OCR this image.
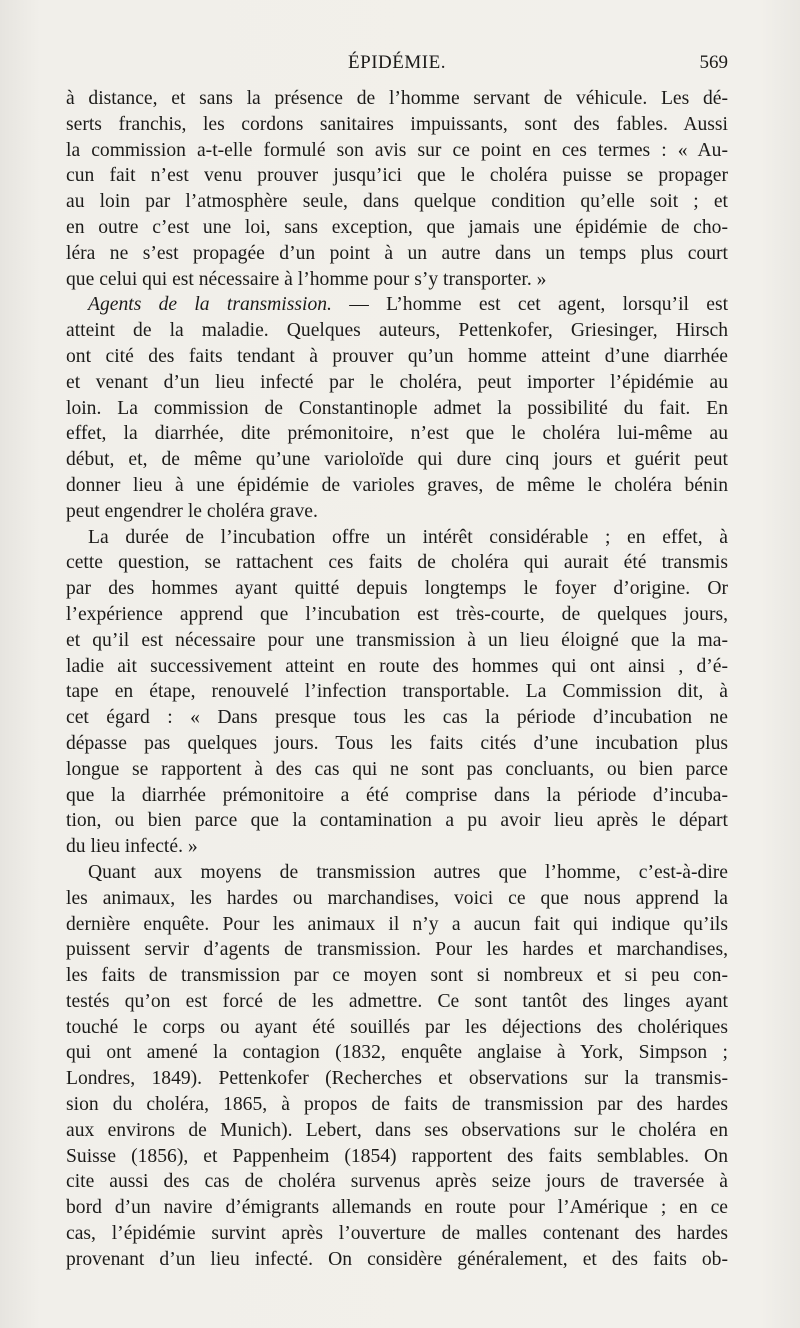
ÉPIDÉMIE.	569
à distance, et sans la présence de l’homme servant de véhicule. Les dé-
serts franchis, les cordons sanitaires impuissants, sont des fables. Aussi
la commission a-t-elle formulé son avis sur ce point en ces termes : « Au-
cun fait n’est venu prouver jusqu’ici que le choléra puisse se propager
au loin par l’atmosphère seule, dans quelque condition qu’elle soit ; et
en outre c’est une loi, sans exception, que jamais une épidémie de cho-
léra ne s’est propagée d’un point à un autre dans un temps plus court
que celui qui est nécessaire à l’homme pour s’y transporter. »
Agents de la transmission. — L’homme est cet agent, lorsqu’il est
atteint de la maladie. Quelques auteurs, Pettenkofer, Griesinger, Hirsch
ont cité des faits tendant à prouver qu’un homme atteint d’une diarrhée
et venant d’un lieu infecté par le choléra, peut importer l’épidémie au
loin. La commission de Constantinople admet la possibilité du fait. En
effet, la diarrhée, dite prémonitoire, n’est que le choléra lui-même au
début, et, de même qu’une varioloïde qui dure cinq jours et guérit peut
donner lieu à une épidémie de varioles graves, de même le choléra bénin
peut engendrer le choléra grave.
La durée de l’incubation offre un intérêt considérable ; en effet, à
cette question, se rattachent ces faits de choléra qui aurait été transmis
par des hommes ayant quitté depuis longtemps le foyer d’origine. Or
l’expérience apprend que l’incubation est très-courte, de quelques jours,
et qu’il est nécessaire pour une transmission à un lieu éloigné que la ma-
ladie ait successivement atteint en route des hommes qui ont ainsi , d’é-
tape en étape, renouvelé l’infection transportable. La Commission dit, à
cet égard : « Dans presque tous les cas la période d’incubation ne
dépasse pas quelques jours. Tous les faits cités d’une incubation plus
longue se rapportent à des cas qui ne sont pas concluants, ou bien parce
que la diarrhée prémonitoire a été comprise dans la période d’incuba-
tion, ou bien parce que la contamination a pu avoir lieu après le départ
du lieu infecté. »
Quant aux moyens de transmission autres que l’homme, c’est-à-dire
les animaux, les hardes ou marchandises, voici ce que nous apprend la
dernière enquête. Pour les animaux il n’y a aucun fait qui indique qu’ils
puissent servir d’agents de transmission. Pour les hardes et marchandises,
les faits de transmission par ce moyen sont si nombreux et si peu con-
testés qu’on est forcé de les admettre. Ce sont tantôt des linges ayant
touché le corps ou ayant été souillés par les déjections des cholériques
qui ont amené la contagion (1832, enquête anglaise à York, Simpson ;
Londres, 1849). Pettenkofer (Recherches et observations sur la transmis-
sion du choléra, 1865, à propos de faits de transmission par des hardes
aux environs de Munich). Lebert, dans ses observations sur le choléra en
Suisse (1856), et Pappenheim (1854) rapportent des faits semblables. On
cite aussi des cas de choléra survenus après seize jours de traversée à
bord d’un navire d’émigrants allemands en route pour l’Amérique ; en ce
cas, l’épidémie survint après l’ouverture de malles contenant des hardes
provenant d’un lieu infecté. On considère généralement, et des faits ob-
